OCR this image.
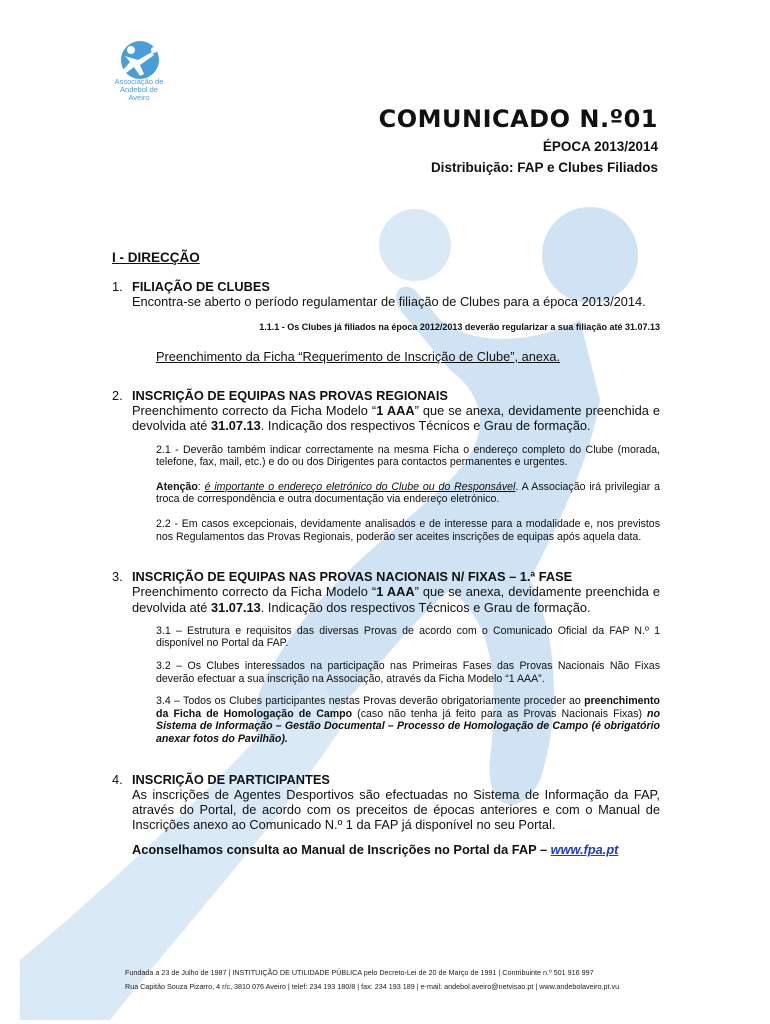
Associação de
Andebol de
Aveiro
COMUNICADO N.º01
ÉPOCA 2013/2014
Distribuição: FAP e Clubes Filiados
I - DIRECÇÃO
1. FILIAÇÃO DE CLUBES
Encontra-se aberto o período regulamentar de filiação de Clubes para a época 2013/2014.
1.1.1 - Os Clubes já filiados na época 2012/2013 deverão regularizar a sua filiação até 31.07.13
Preenchimento da Ficha “Requerimento de Inscrição de Clube”, anexa.
2. INSCRIÇÃO DE EQUIPAS NAS PROVAS REGIONAIS
Preenchimento correcto da Ficha Modelo “1 AAA” que se anexa, devidamente preenchida e devolvida até 31.07.13. Indicação dos respectivos Técnicos e Grau de formação.
2.1 - Deverão também indicar correctamente na mesma Ficha o endereço completo do Clube (morada, telefone, fax, mail, etc.) e do ou dos Dirigentes para contactos permanentes e urgentes.
Atenção: é importante o endereço eletrónico do Clube ou do Responsável. A Associação irá privilegiar a troca de correspondência e outra documentação via endereço eletrónico.
2.2 - Em casos excepcionais, devidamente analisados e de interesse para a modalidade e, nos previstos nos Regulamentos das Provas Regionais, poderão ser aceites inscrições de equipas após aquela data.
3. INSCRIÇÃO DE EQUIPAS NAS PROVAS NACIONAIS N/ FIXAS – 1.ª FASE
Preenchimento correcto da Ficha Modelo “1 AAA” que se anexa, devidamente preenchida e devolvida até 31.07.13. Indicação dos respectivos Técnicos e Grau de formação.
3.1 – Estrutura e requisitos das diversas Provas de acordo com o Comunicado Oficial da FAP N.º 1 disponível no Portal da FAP.
3.2 – Os Clubes interessados na participação nas Primeiras Fases das Provas Nacionais Não Fixas deverão efectuar a sua inscrição na Associação, através da Ficha Modelo “1 AAA”.
3.4 – Todos os Clubes participantes nestas Provas deverão obrigatoriamente proceder ao preenchimento da Ficha de Homologação de Campo (caso não tenha já feito para as Provas Nacionais Fixas) no Sistema de Informação – Gestão Documental – Processo de Homologação de Campo (é obrigatório anexar fotos do Pavilhão).
4. INSCRIÇÃO DE PARTICIPANTES
As inscrições de Agentes Desportivos são efectuadas no Sistema de Informação da FAP, através do Portal, de acordo com os preceitos de épocas anteriores e com o Manual de Inscrições anexo ao Comunicado N.º 1 da FAP já disponível no seu Portal.
Aconselhamos consulta ao Manual de Inscrições no Portal da FAP – www.fpa.pt
Fundada a 23 de Julho de 1987 | INSTITUIÇÃO DE UTILIDADE PÚBLICA pelo Decreto-Lei de 20 de Março de 1991 | Contribuinte n.º 501 916 997
Rua Capitão Souza Pizarro, 4 r/c, 3810 076 Aveiro | telef: 234 193 180/8 | fax: 234 193 189 | e-mail: andebol.aveiro@netvisao.pt | www.andebolaveiro.pt.vu
